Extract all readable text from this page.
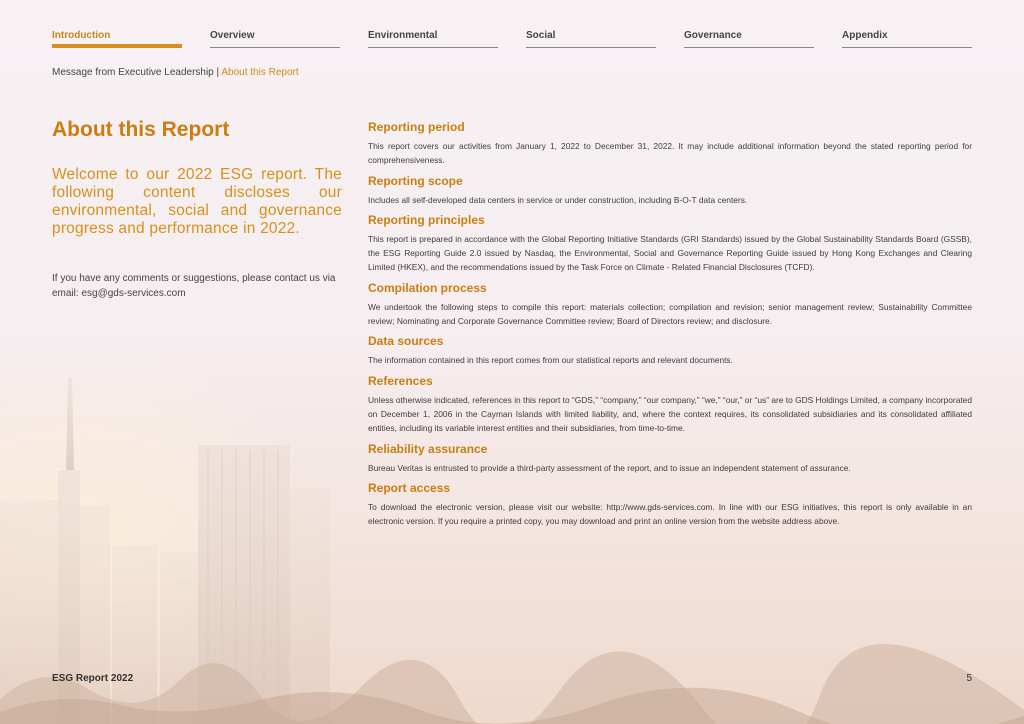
Introduction	Overview	Environmental	Social	Governance	Appendix
Message from Executive Leadership | About this Report
About this Report

Welcome to our 2022 ESG report. The following content discloses our environmental, social and governance progress and performance in 2022.

If you have any comments or suggestions, please contact us via email: esg@gds-services.com

Reporting period

This report covers our activities from January 1, 2022 to December 31, 2022. It may include additional information beyond the stated reporting period for comprehensiveness.

Reporting scope

Includes all self-developed data centers in service or under construction, including B-O-T data centers.

Reporting principles

This report is prepared in accordance with the Global Reporting Initiative Standards (GRI Standards) issued by the Global Sustainability Standards Board (GSSB), the ESG Reporting Guide 2.0 issued by Nasdaq, the Environmental, Social and Governance Reporting Guide issued by Hong Kong Exchanges and Clearing Limited (HKEX), and the recommendations issued by the Task Force on Climate - Related Financial Disclosures (TCFD).

Compilation process

We undertook the following steps to compile this report: materials collection; compilation and revision; senior management review; Sustainability Committee review; Nominating and Corporate Governance Committee review; Board of Directors review; and disclosure.

Data sources

The information contained in this report comes from our statistical reports and relevant documents.

References

Unless otherwise indicated, references in this report to “GDS,” “company,” “our company,” “we,” “our,” or “us” are to GDS Holdings Limited, a company incorporated on December 1, 2006 in the Cayman Islands with limited liability, and, where the context requires, its consolidated subsidiaries and its consolidated affiliated entities, including its variable interest entities and their subsidiaries, from time-to-time.

Reliability assurance

Bureau Veritas is entrusted to provide a third-party assessment of the report, and to issue an independent statement of assurance.

Report access

To download the electronic version, please visit our website: http://www.gds-services.com. In line with our ESG initiatives, this report is only available in an electronic version. If you require a printed copy, you may download and print an online version from the website address above.

ESG Report 2022	5
